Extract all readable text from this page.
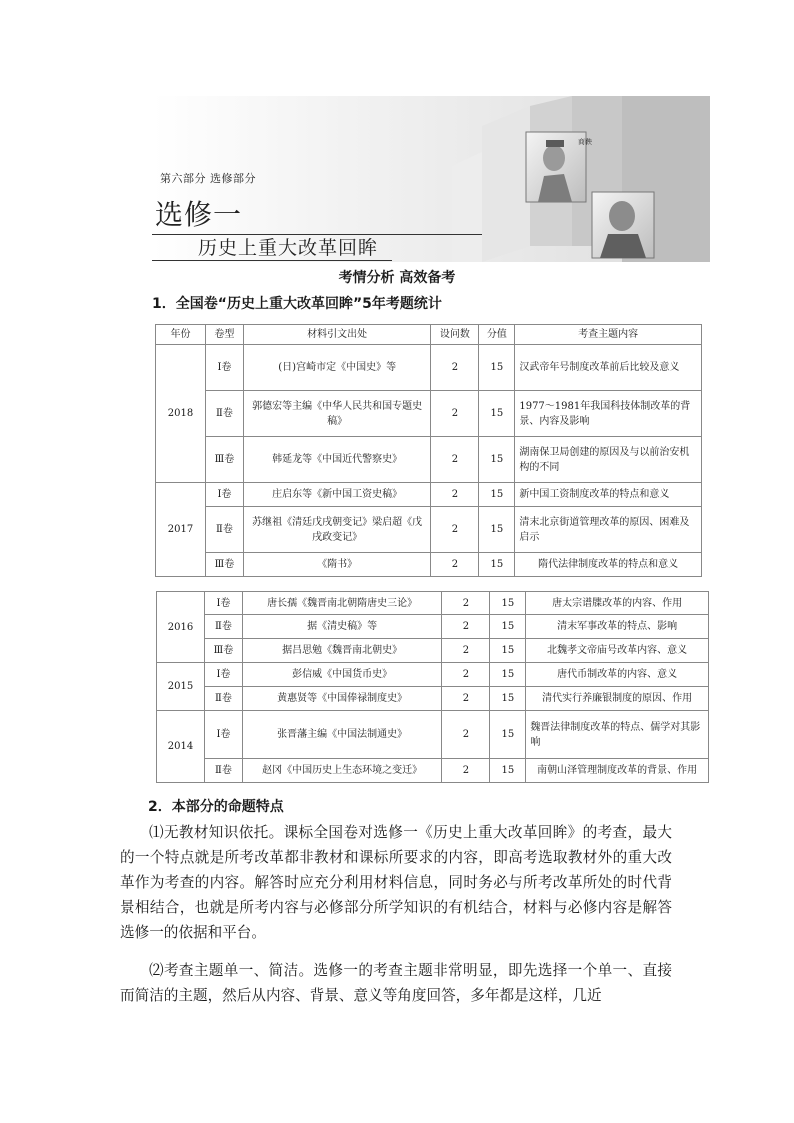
商鞅
第六部分 选修部分
选修一
历史上重大改革回眸
考情分析 高效备考
1．全国卷“历史上重大改革回眸”5年考题统计
年份	卷型	材料引文出处	设问数	分值	考查主题内容
2018	Ⅰ卷	(日)宫崎市定《中国史》等	2	15	汉武帝年号制度改革前后比较及意义
	Ⅱ卷	郭德宏等主编《中华人民共和国专题史稿》	2	15	1977～1981年我国科技体制改革的背景、内容及影响
	Ⅲ卷	韩延龙等《中国近代警察史》	2	15	湖南保卫局创建的原因及与以前治安机构的不同
2017	Ⅰ卷	庄启东等《新中国工资史稿》	2	15	新中国工资制度改革的特点和意义
	Ⅱ卷	苏继祖《清廷戊戌朝变记》梁启超《戊戌政变记》	2	15	清末北京街道管理改革的原因、困难及启示
	Ⅲ卷	《隋书》	2	15	隋代法律制度改革的特点和意义
2016	Ⅰ卷	唐长孺《魏晋南北朝隋唐史三论》	2	15	唐太宗谱牒改革的内容、作用
	Ⅱ卷	据《清史稿》等	2	15	清末军事改革的特点、影响
	Ⅲ卷	据吕思勉《魏晋南北朝史》	2	15	北魏孝文帝庙号改革内容、意义
2015	Ⅰ卷	彭信威《中国货币史》	2	15	唐代币制改革的内容、意义
	Ⅱ卷	黄惠贤等《中国俸禄制度史》	2	15	清代实行养廉银制度的原因、作用
2014	Ⅰ卷	张晋藩主编《中国法制通史》	2	15	魏晋法律制度改革的特点、儒学对其影响
	Ⅱ卷	赵冈《中国历史上生态环境之变迁》	2	15	南朝山泽管理制度改革的背景、作用
2．本部分的命题特点

⑴无教材知识依托。课标全国卷对选修一《历史上重大改革回眸》的考查，最大的一个特点就是所考改革都非教材和课标所要求的内容，即高考选取教材外的重大改革作为考查的内容。解答时应充分利用材料信息，同时务必与所考改革所处的时代背景相结合，也就是所考内容与必修部分所学知识的有机结合，材料与必修内容是解答选修一的依据和平台。

⑵考查主题单一、简洁。选修一的考查主题非常明显，即先选择一个单一、直接而简洁的主题，然后从内容、背景、意义等角度回答，多年都是这样，几近
